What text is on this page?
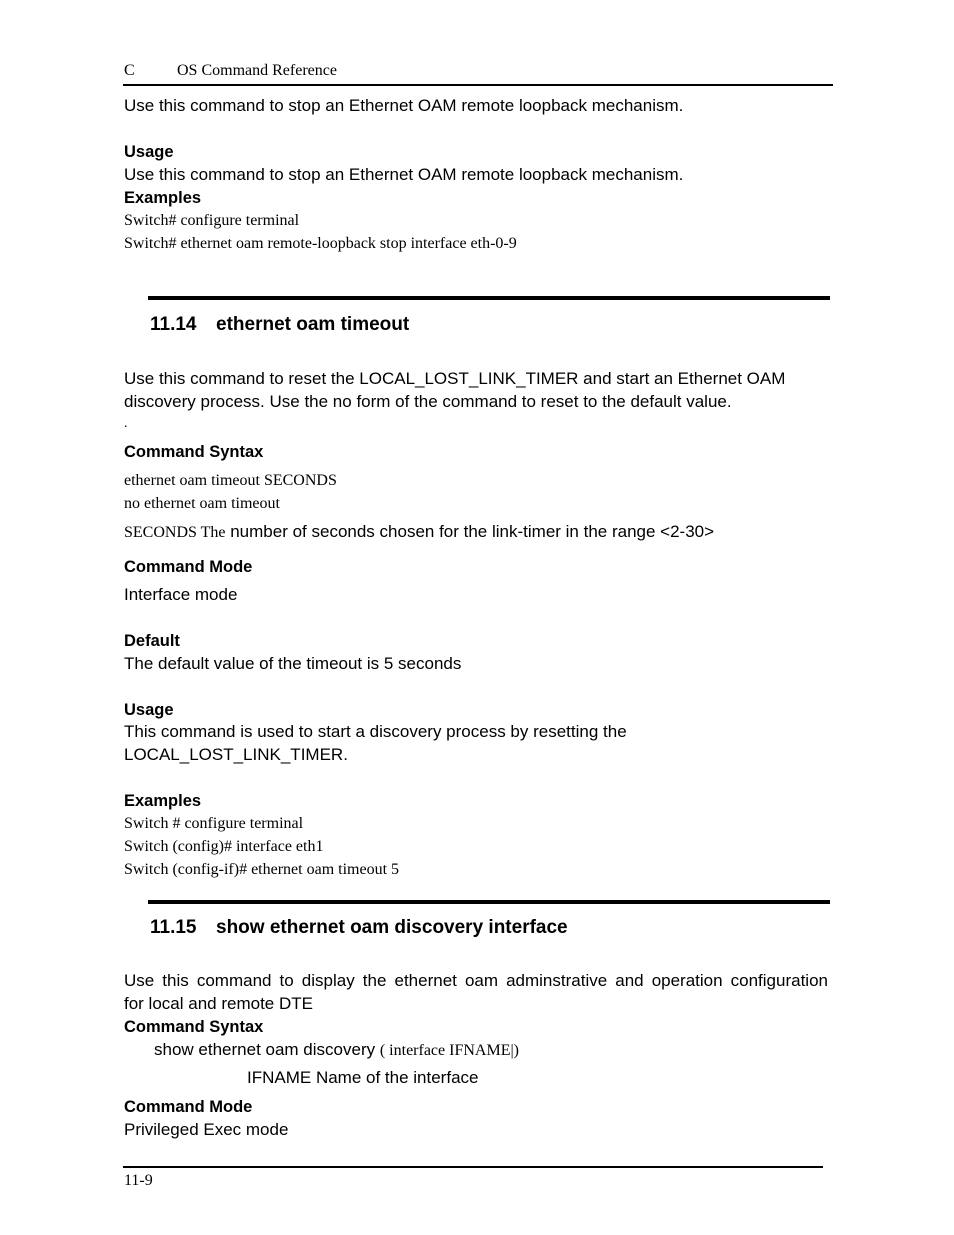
C	OS Command Reference
Use this command to stop an Ethernet OAM remote loopback mechanism.
Usage
Use this command to stop an Ethernet OAM remote loopback mechanism.
Examples
Switch# configure terminal
Switch# ethernet oam remote-loopback stop interface eth-0-9
11.14 ethernet oam timeout
Use this command to reset the LOCAL_LOST_LINK_TIMER and start an Ethernet OAM
discovery process. Use the no form of the command to reset to the default value.
.
Command Syntax
ethernet oam timeout SECONDS
no ethernet oam timeout
SECONDS The number of seconds chosen for the link-timer in the range <2-30>
Command Mode
Interface mode
Default
The default value of the timeout is 5 seconds
Usage
This command is used to start a discovery process by resetting the
LOCAL_LOST_LINK_TIMER.
Examples
Switch # configure terminal
Switch (config)# interface eth1
Switch (config-if)# ethernet oam timeout 5
11.15 show ethernet oam discovery interface
Use this command to display the ethernet oam adminstrative and operation configuration
for local and remote DTE
Command Syntax
show ethernet oam discovery ( interface IFNAME|)
IFNAME Name of the interface
Command Mode
Privileged Exec mode
11-9
